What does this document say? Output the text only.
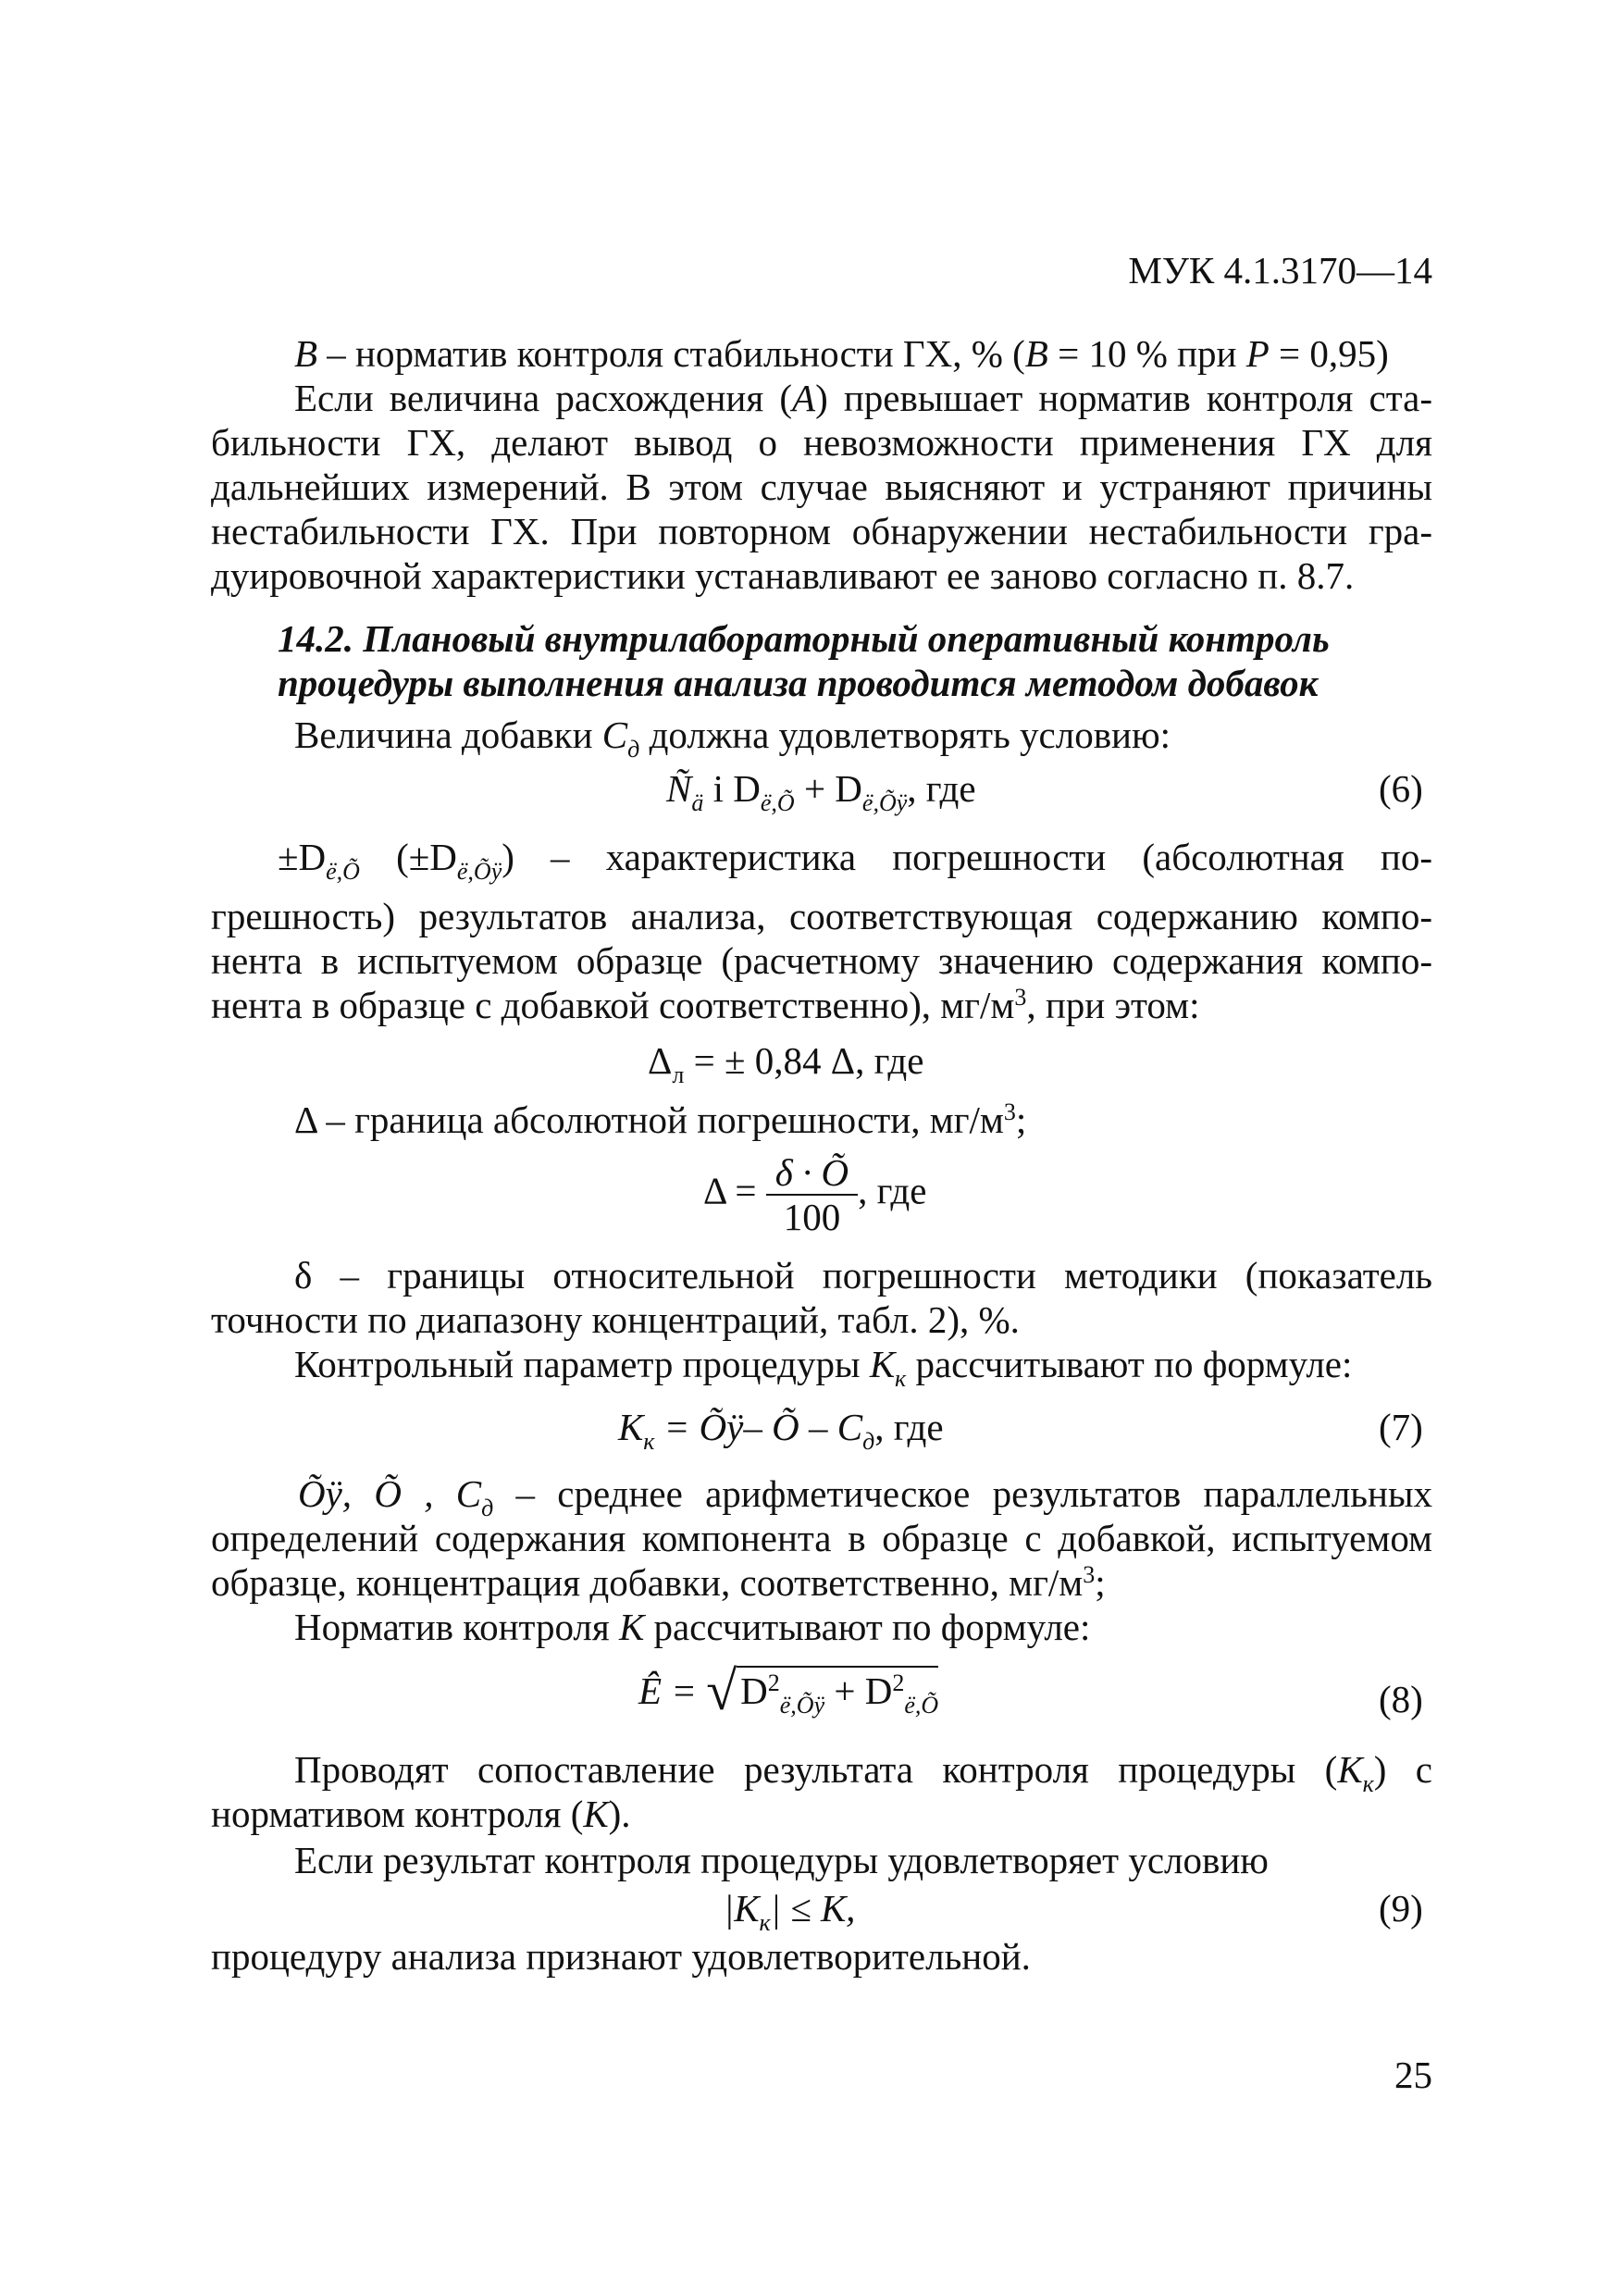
МУК 4.1.3170—14
В – норматив контроля стабильности ГХ, % (В = 10 % при Р = 0,95)
Если величина расхождения (А) превышает норматив контроля ста-
бильности ГХ, делают вывод о невозможности применения ГХ для
дальнейших измерений. В этом случае выясняют и устраняют причины
нестабильности ГХ. При повторном обнаружении нестабильности гра-
дуировочной характеристики устанавливают ее заново согласно п. 8.7.
14.2. Плановый внутрилабораторный оперативный контроль
процедуры выполнения анализа проводится методом добавок
Величина добавки $С_д$ должна удовлетворять условию:
$Ñ_ä$ i $D_{ë,Õ} + D_{ë,Õÿ}$, где	(6)
$\pm D_{ë,Õ}$ $(\pm D_{ë,Õÿ})$ – характеристика погрешности (абсолютная по-
грешность) результатов анализа, соответствующая содержанию компо-
нента в испытуемом образце (расчетному значению содержания компо-
нента в образце с добавкой соответственно), $мг/м^3$, при этом:
$\Delta_л$ = ± 0,84 Δ, где
Δ – граница абсолютной погрешности, $мг/м^3$;
$\Delta = \frac{\delta \cdot Õ}{100}$ , где
δ – границы относительной погрешности методики (показатель
точности по диапазону концентраций, табл. 2), %.
Контрольный параметр процедуры $К_к$ рассчитывают по формуле:
$К_к$ = Õÿ– Õ – $С_д$, где	(7)
Õÿ, Õ , $С_д$ – среднее арифметическое результатов параллельных
определений содержания компонента в образце с добавкой, испытуемом
образце, концентрация добавки, соответственно, $мг/м^3$;
Норматив контроля К рассчитывают по формуле:
Ê = $√D^2_{ë,Õÿ} + D^2_{ë,Õ}$	(8)
Проводят сопоставление результата контроля процедуры $(К_к)$ с
нормативом контроля (К).
Если результат контроля процедуры удовлетворяет условию
$|К_к| \le К$,	(9)
процедуру анализа признают удовлетворительной.
25
